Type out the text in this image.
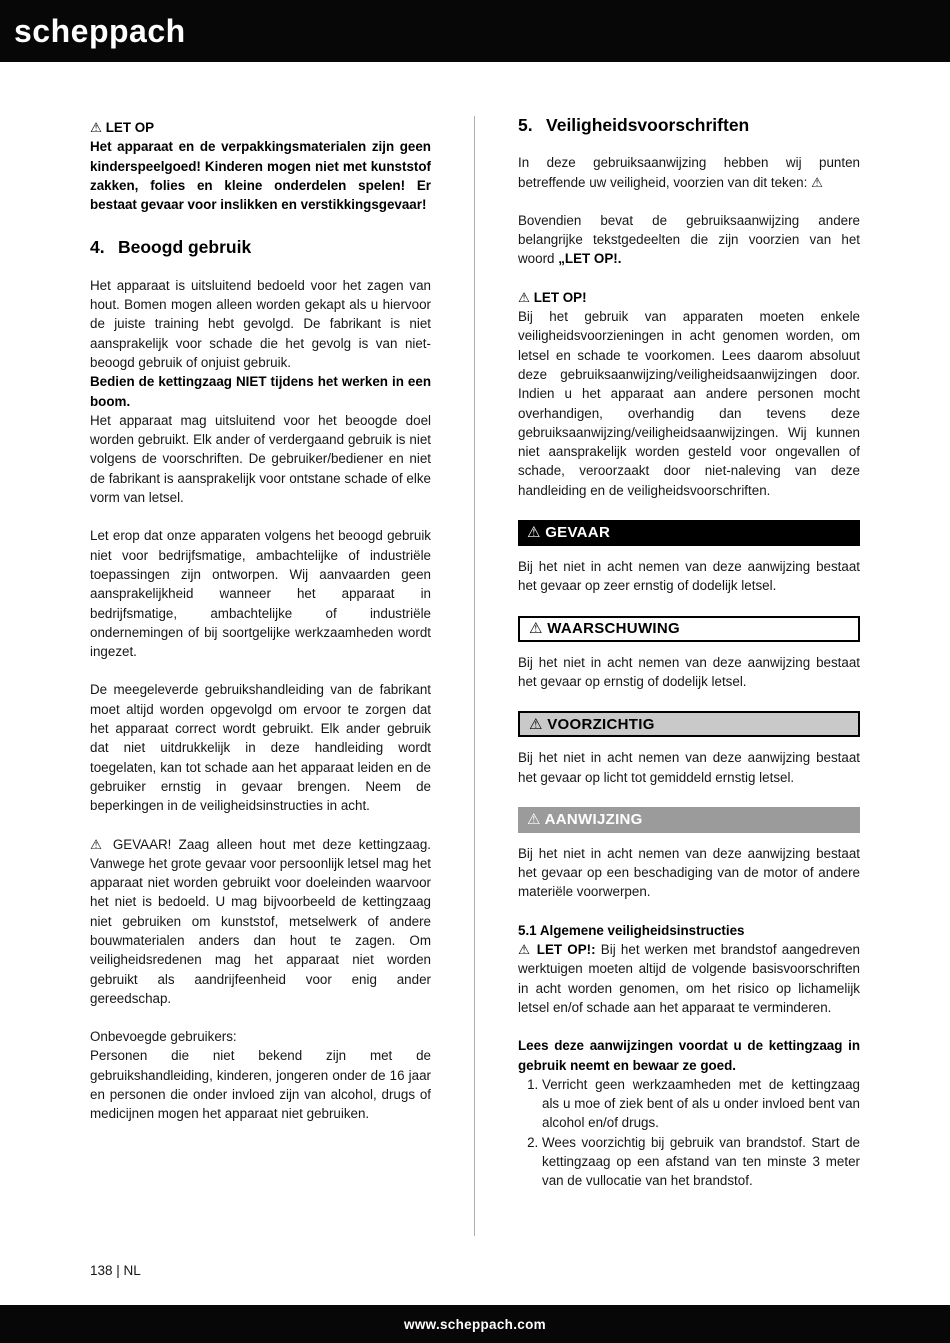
scheppach

⚠ LET OP

Het apparaat en de verpakkingsmaterialen zijn geen kinderspeelgoed! Kinderen mogen niet met kunststof zakken, folies en kleine onderdelen spelen! Er bestaat gevaar voor inslikken en verstikkingsgevaar!

4. Beoogd gebruik

Het apparaat is uitsluitend bedoeld voor het zagen van hout. Bomen mogen alleen worden gekapt als u hiervoor de juiste training hebt gevolgd. De fabrikant is niet aansprakelijk voor schade die het gevolg is van niet-beoogd gebruik of onjuist gebruik.

Bedien de kettingzaag NIET tijdens het werken in een boom.

Het apparaat mag uitsluitend voor het beoogde doel worden gebruikt. Elk ander of verdergaand gebruik is niet volgens de voorschriften. De gebruiker/bediener en niet de fabrikant is aansprakelijk voor ontstane schade of elke vorm van letsel.

Let erop dat onze apparaten volgens het beoogd gebruik niet voor bedrijfsmatige, ambachtelijke of industriële toepassingen zijn ontworpen. Wij aanvaarden geen aansprakelijkheid wanneer het apparaat in bedrijfsmatige, ambachtelijke of industriële ondernemingen of bij soortgelijke werkzaamheden wordt ingezet.

De meegeleverde gebruikshandleiding van de fabrikant moet altijd worden opgevolgd om ervoor te zorgen dat het apparaat correct wordt gebruikt. Elk ander gebruik dat niet uitdrukkelijk in deze handleiding wordt toegelaten, kan tot schade aan het apparaat leiden en de gebruiker ernstig in gevaar brengen. Neem de beperkingen in de veiligheidsinstructies in acht.

⚠ GEVAAR! Zaag alleen hout met deze kettingzaag. Vanwege het grote gevaar voor persoonlijk letsel mag het apparaat niet worden gebruikt voor doeleinden waarvoor het niet is bedoeld. U mag bijvoorbeeld de kettingzaag niet gebruiken om kunststof, metselwerk of andere bouwmaterialen anders dan hout te zagen. Om veiligheidsredenen mag het apparaat niet worden gebruikt als aandrijfeenheid voor enig ander gereedschap.

Onbevoegde gebruikers:

Personen die niet bekend zijn met de gebruikshandleiding, kinderen, jongeren onder de 16 jaar en personen die onder invloed zijn van alcohol, drugs of medicijnen mogen het apparaat niet gebruiken.

5. Veiligheidsvoorschriften

In deze gebruiksaanwijzing hebben wij punten betreffende uw veiligheid, voorzien van dit teken: ⚠

Bovendien bevat de gebruiksaanwijzing andere belangrijke tekstgedeelten die zijn voorzien van het woord „LET OP!.

⚠ LET OP!

Bij het gebruik van apparaten moeten enkele veiligheidsvoorzieningen in acht genomen worden, om letsel en schade te voorkomen. Lees daarom absoluut deze gebruiksaanwijzing/veiligheidsaanwijzingen door. Indien u het apparaat aan andere personen mocht overhandigen, overhandig dan tevens deze gebruiksaanwijzing/veiligheidsaanwijzingen. Wij kunnen niet aansprakelijk worden gesteld voor ongevallen of schade, veroorzaakt door niet-naleving van deze handleiding en de veiligheidsvoorschriften.

⚠ GEVAAR

Bij het niet in acht nemen van deze aanwijzing bestaat het gevaar op zeer ernstig of dodelijk letsel.

⚠ WAARSCHUWING

Bij het niet in acht nemen van deze aanwijzing bestaat het gevaar op ernstig of dodelijk letsel.

⚠ VOORZICHTIG

Bij het niet in acht nemen van deze aanwijzing bestaat het gevaar op licht tot gemiddeld ernstig letsel.

⚠ AANWIJZING

Bij het niet in acht nemen van deze aanwijzing bestaat het gevaar op een beschadiging van de motor of andere materiële voorwerpen.

5.1 Algemene veiligheidsinstructies

⚠ LET OP!: Bij het werken met brandstof aangedreven werktuigen moeten altijd de volgende basisvoorschriften in acht worden genomen, om het risico op lichamelijk letsel en/of schade aan het apparaat te verminderen.

Lees deze aanwijzingen voordat u de kettingzaag in gebruik neemt en bewaar ze goed.

1. Verricht geen werkzaamheden met de kettingzaag als u moe of ziek bent of als u onder invloed bent van alcohol en/of drugs.
2. Wees voorzichtig bij gebruik van brandstof. Start de kettingzaag op een afstand van ten minste 3 meter van de vullocatie van het brandstof.
138 | NL
www.scheppach.com
